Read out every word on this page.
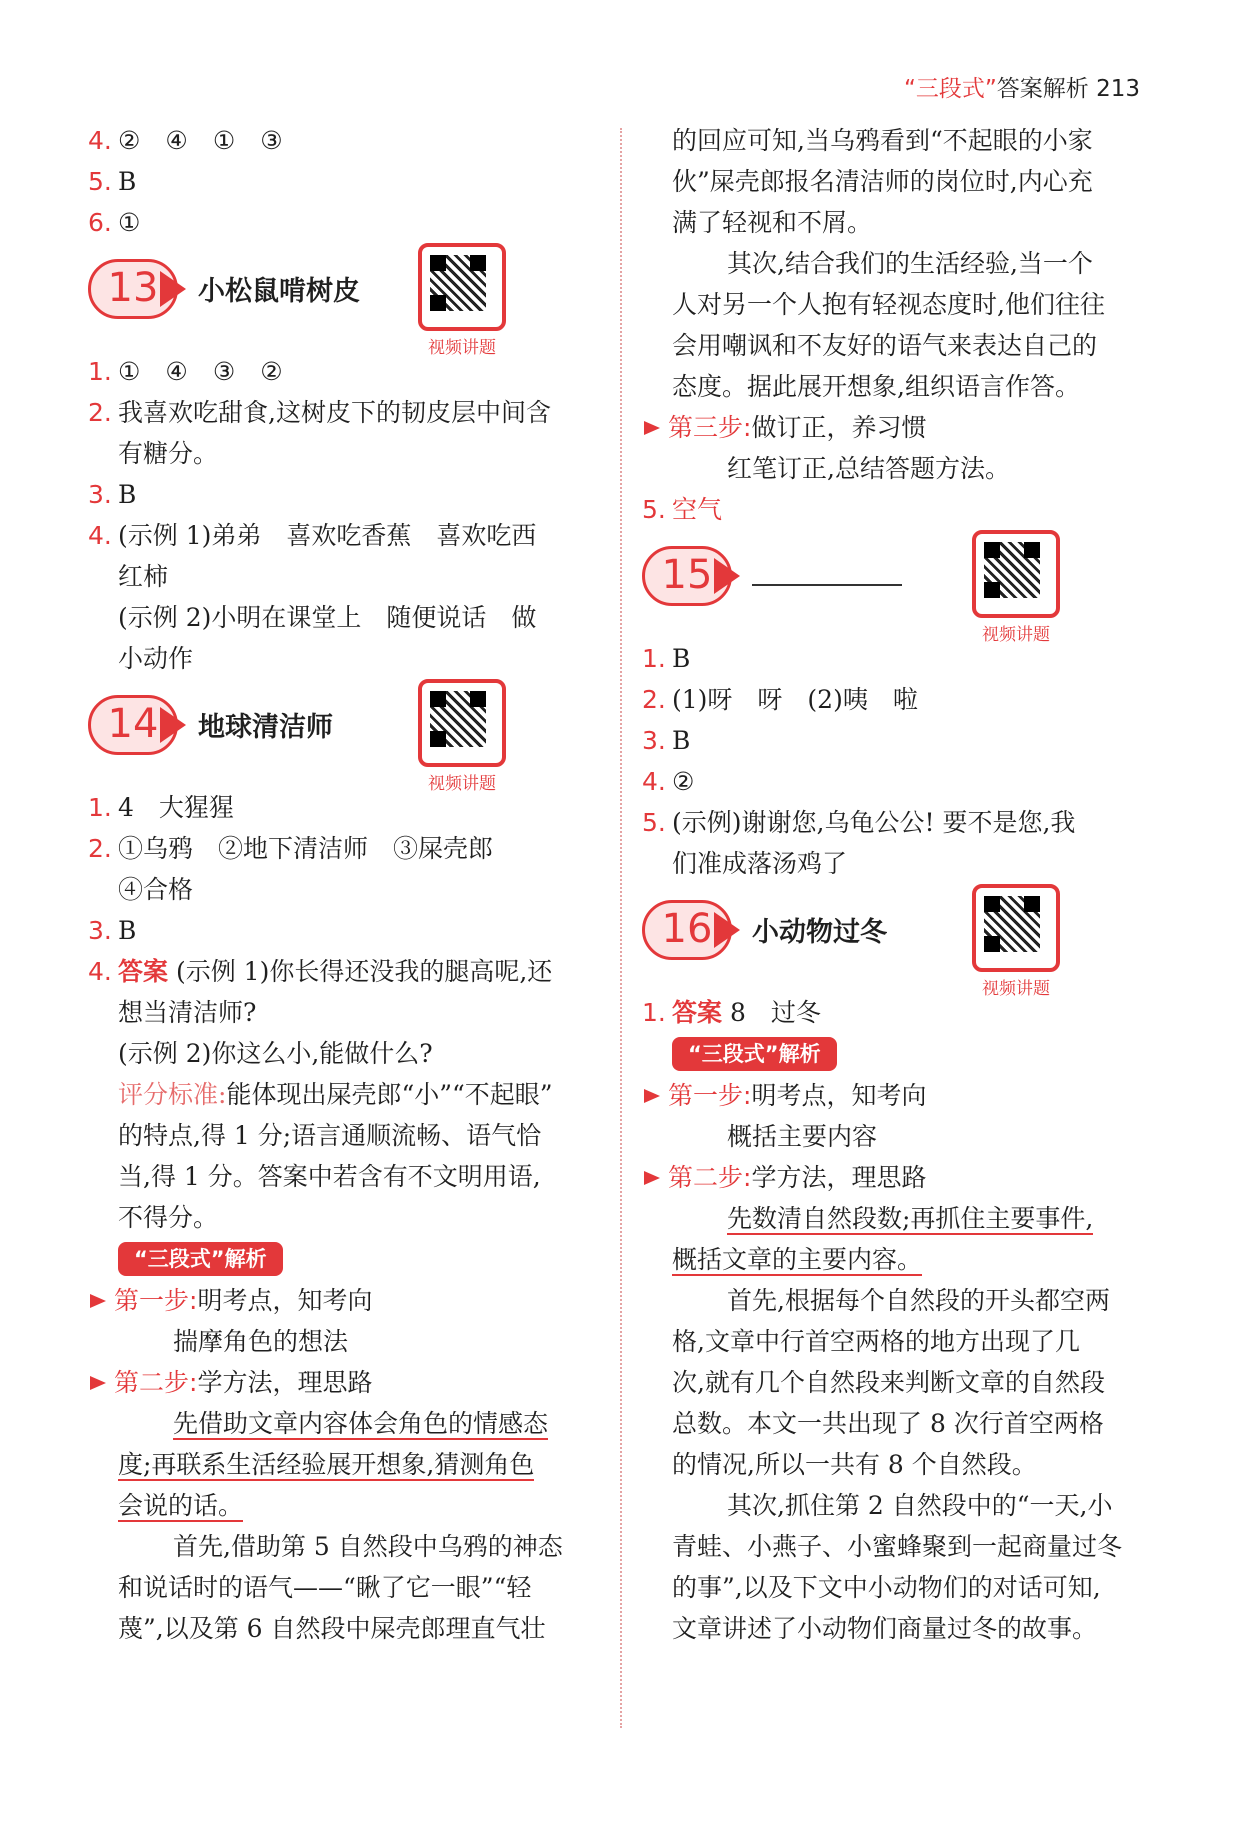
“三段式”答案解析 213
4. ②　④　①　③
5. B
6. ①
13	小松鼠啃树皮
视频讲题
1. ①　④　③　②
2. 我喜欢吃甜食,这树皮下的韧皮层中间含
有糖分。
3. B
4. (示例 1)弟弟　喜欢吃香蕉　喜欢吃西
红柿
(示例 2)小明在课堂上　随便说话　做
小动作
14	地球清洁师
视频讲题
1. 4　大猩猩
2. ①乌鸦　②地下清洁师　③屎壳郎
④合格
3. B
4. 答案 (示例 1)你长得还没我的腿高呢,还
想当清洁师?
(示例 2)你这么小,能做什么?
评分标准:能体现出屎壳郎“小”“不起眼”
的特点,得 1 分;语言通顺流畅、语气恰
当,得 1 分。答案中若含有不文明用语,
不得分。
“三段式”解析
第一步:明考点，知考向
揣摩角色的想法
第二步:学方法，理思路
先借助文章内容体会角色的情感态
度;再联系生活经验展开想象,猜测角色
会说的话。
首先,借助第 5 自然段中乌鸦的神态
和说话时的语气——“瞅了它一眼”“轻
蔑”,以及第 6 自然段中屎壳郎理直气壮
的回应可知,当乌鸦看到“不起眼的小家
伙”屎壳郎报名清洁师的岗位时,内心充
满了轻视和不屑。
其次,结合我们的生活经验,当一个
人对另一个人抱有轻视态度时,他们往往
会用嘲讽和不友好的语气来表达自己的
态度。据此展开想象,组织语言作答。
第三步:做订正，养习惯
红笔订正,总结答题方法。
5. 空气
15
视频讲题
1. B
2. (1)呀　呀　(2)咦　啦
3. B
4. ②
5. (示例)谢谢您,乌龟公公! 要不是您,我
们准成落汤鸡了
16	小动物过冬
视频讲题
1. 答案 8　过冬
“三段式”解析
第一步:明考点，知考向
概括主要内容
第二步:学方法，理思路
先数清自然段数;再抓住主要事件,
概括文章的主要内容。
首先,根据每个自然段的开头都空两
格,文章中行首空两格的地方出现了几
次,就有几个自然段来判断文章的自然段
总数。本文一共出现了 8 次行首空两格
的情况,所以一共有 8 个自然段。
其次,抓住第 2 自然段中的“一天,小
青蛙、小燕子、小蜜蜂聚到一起商量过冬
的事”,以及下文中小动物们的对话可知,
文章讲述了小动物们商量过冬的故事。
